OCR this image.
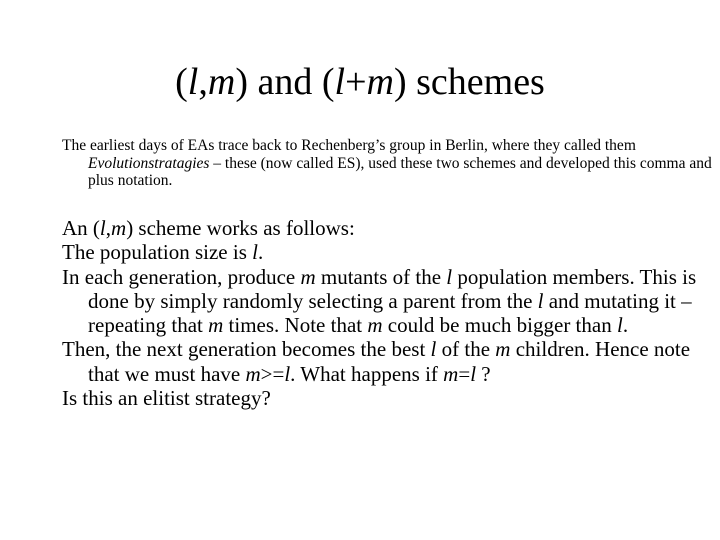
(l,m) and (l+m) schemes

The earliest days of EAs trace back to Rechenberg’s group in Berlin, where they called them Evolutionstratagies – these (now called ES), used these two schemes and developed this comma and plus notation.

An (l,m) scheme works as follows:

The population size is l.

In each generation, produce m mutants of the l population members. This is done by simply randomly selecting a parent from the l and mutating it – repeating that m times. Note that m could be much bigger than l.

Then, the next generation becomes the best l of the m children. Hence note that we must have m>=l. What happens if m=l ?

Is this an elitist strategy?
